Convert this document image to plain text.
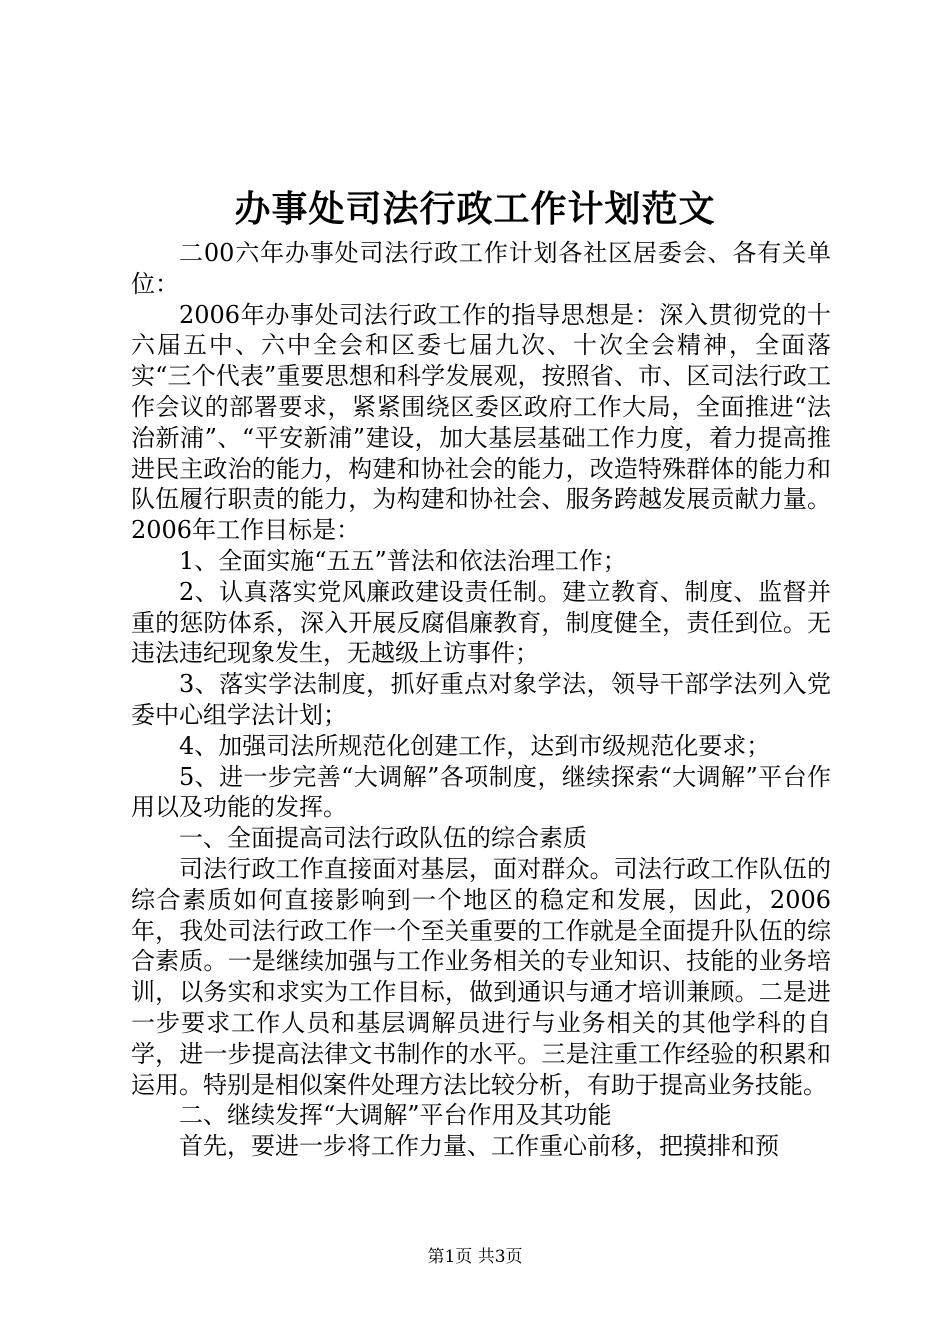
办事处司法行政工作计划范文

二00六年办事处司法行政工作计划各社区居委会、各有关单位：

2006年办事处司法行政工作的指导思想是：深入贯彻党的十六届五中、六中全会和区委七届九次、十次全会精神，全面落实“三个代表”重要思想和科学发展观，按照省、市、区司法行政工作会议的部署要求，紧紧围绕区委区政府工作大局，全面推进“法治新浦”、“平安新浦”建设，加大基层基础工作力度，着力提高推进民主政治的能力，构建和协社会的能力，改造特殊群体的能力和队伍履行职责的能力，为构建和协社会、服务跨越发展贡献力量。2006年工作目标是：

1、全面实施“五五”普法和依法治理工作；

2、认真落实党风廉政建设责任制。建立教育、制度、监督并重的惩防体系，深入开展反腐倡廉教育，制度健全，责任到位。无违法违纪现象发生，无越级上访事件；

3、落实学法制度，抓好重点对象学法，领导干部学法列入党委中心组学法计划；

4、加强司法所规范化创建工作，达到市级规范化要求；

5、进一步完善“大调解”各项制度，继续探索“大调解”平台作用以及功能的发挥。

一、全面提高司法行政队伍的综合素质

司法行政工作直接面对基层，面对群众。司法行政工作队伍的综合素质如何直接影响到一个地区的稳定和发展，因此，2006年，我处司法行政工作一个至关重要的工作就是全面提升队伍的综合素质。一是继续加强与工作业务相关的专业知识、技能的业务培训，以务实和求实为工作目标，做到通识与通才培训兼顾。二是进一步要求工作人员和基层调解员进行与业务相关的其他学科的自学，进一步提高法律文书制作的水平。三是注重工作经验的积累和运用。特别是相似案件处理方法比较分析，有助于提高业务技能。

二、继续发挥“大调解”平台作用及其功能

首先，要进一步将工作力量、工作重心前移，把摸排和预

第1页 共3页
